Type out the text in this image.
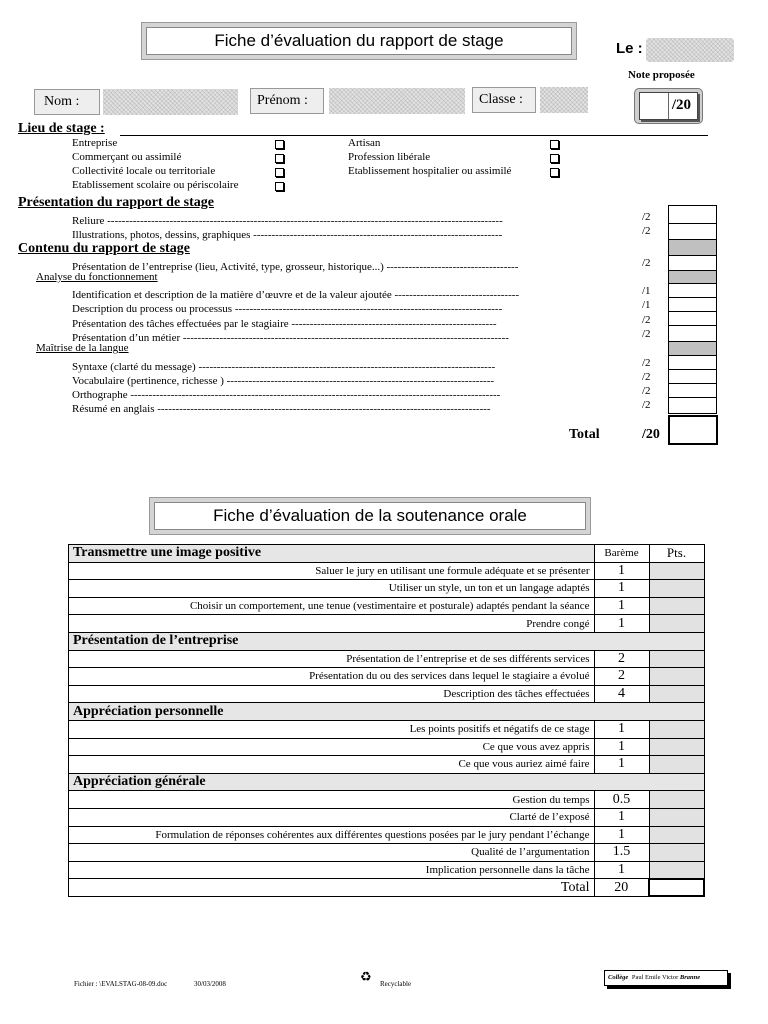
Fiche d’évaluation du rapport de stage	Le :
Note proposée
/20
Nom :	Prénom :	Classe :
Lieu de stage :
Entreprise
Commerçant ou assimilé
Collectivité locale ou territoriale
Etablissement scolaire ou périscolaire
Artisan
Profession libérale
Etablissement hospitalier ou assimilé
Présentation du rapport de stage
Reliure ------------------------------------------------------------------------------------------------------------	/2
Illustrations, photos, dessins, graphiques --------------------------------------------------------------------	/2
Contenu du rapport de stage
Présentation de l’entreprise (lieu, Activité, type, grosseur, historique...) ------------------------------------	/2
Analyse du fonctionnement
Identification et description de la matière d’œuvre et de la valeur ajoutée ----------------------------------	/1
Description du process ou processus -------------------------------------------------------------------------	/1
Présentation des tâches effectuées par le stagiaire --------------------------------------------------------	/2
Présentation d’un métier -----------------------------------------------------------------------------------------	/2
Maîtrise de la langue
Syntaxe (clarté du message) ---------------------------------------------------------------------------------	/2
Vocabulaire (pertinence, richesse ) -------------------------------------------------------------------------	/2
Orthographe -----------------------------------------------------------------------------------------------------	/2
Résumé en anglais -------------------------------------------------------------------------------------------	/2
Total	/20
Fiche d’évaluation de la soutenance orale
Transmettre une image positive	Barème	Pts.
Saluer le jury en utilisant une formule adéquate et se présenter	1	
Utiliser un style, un ton et un langage adaptés	1	
Choisir un comportement, une tenue (vestimentaire et posturale) adaptés pendant la séance	1	
Prendre congé	1	
Présentation de l’entreprise		
Présentation de l’entreprise et de ses différents services	2	
Présentation du ou des services dans lequel le stagiaire a évolué	2	
Description des tâches effectuées	4	
Appréciation personnelle		
Les points positifs et négatifs de ce stage	1	
Ce que vous avez appris	1	
Ce que vous auriez aimé faire	1	
Appréciation générale		
Gestion du temps	0.5	
Clarté de l’exposé	1	
Formulation de réponses cohérentes aux différentes questions posées par le jury pendant l’échange	1	
Qualité de l’argumentation	1.5	
Implication personnelle dans la tâche	1	
Total	20	
Fichier : \EVALSTAG-08-09.doc	30/03/2008	♻ Recyclable
Collège Paul Emile Victor Branne
